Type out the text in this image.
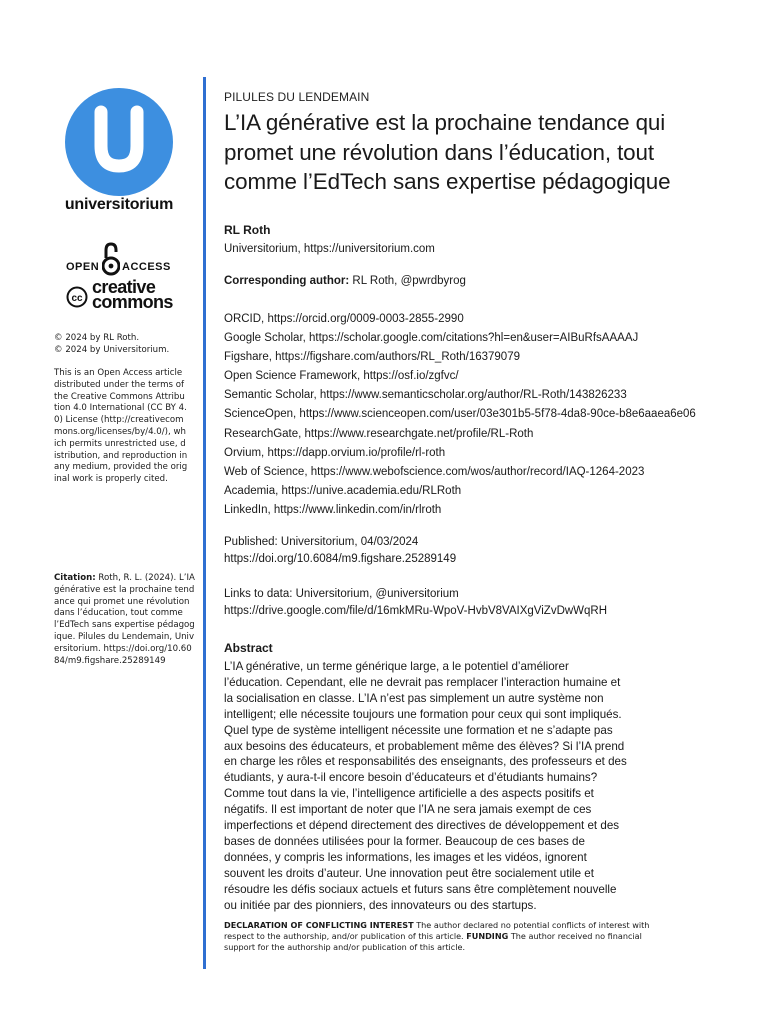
universitorium
OPEN ACCESS
cc
creative
commons
© 2024 by RL Roth.
© 2024 by Universitorium.
This is an Open Access article distributed under the terms of the Creative Commons Attribution 4.0 International (CC BY 4.0) License (http://creativecommons.org/licenses/by/4.0/), which permits unrestricted use, distribution, and reproduction in any medium, provided the original work is properly cited.
Citation: Roth, R. L. (2024). L’IA générative est la prochaine tendance qui promet une révolution dans l’éducation, tout comme l’EdTech sans expertise pédagogique. Pilules du Lendemain, Universitorium. https://doi.org/10.6084/m9.figshare.25289149
PILULES DU LENDEMAIN
L’IA générative est la prochaine tendance qui
promet une révolution dans l’éducation, tout
comme l’EdTech sans expertise pédagogique
RL Roth
Universitorium, https://universitorium.com
Corresponding author: RL Roth, @pwrdbyrog
ORCID, https://orcid.org/0009-0003-2855-2990
Google Scholar, https://scholar.google.com/citations?hl=en&user=AIBuRfsAAAAJ
Figshare, https://figshare.com/authors/RL_Roth/16379079
Open Science Framework, https://osf.io/zgfvc/
Semantic Scholar, https://www.semanticscholar.org/author/RL-Roth/143826233
ScienceOpen, https://www.scienceopen.com/user/03e301b5-5f78-4da8-90ce-b8e6aaea6e06
ResearchGate, https://www.researchgate.net/profile/RL-Roth
Orvium, https://dapp.orvium.io/profile/rl-roth
Web of Science, https://www.webofscience.com/wos/author/record/IAQ-1264-2023
Academia, https://unive.academia.edu/RLRoth
LinkedIn, https://www.linkedin.com/in/rlroth
Published: Universitorium, 04/03/2024
https://doi.org/10.6084/m9.figshare.25289149
Links to data: Universitorium, @universitorium
https://drive.google.com/file/d/16mkMRu-WpoV-HvbV8VAIXgViZvDwWqRH
Abstract
L’IA générative, un terme générique large, a le potentiel d’améliorer
l’éducation. Cependant, elle ne devrait pas remplacer l’interaction humaine et
la socialisation en classe. L’IA n’est pas simplement un autre système non
intelligent; elle nécessite toujours une formation pour ceux qui sont impliqués.
Quel type de système intelligent nécessite une formation et ne s’adapte pas
aux besoins des éducateurs, et probablement même des élèves? Si l’IA prend
en charge les rôles et responsabilités des enseignants, des professeurs et des
étudiants, y aura-t-il encore besoin d’éducateurs et d’étudiants humains?
Comme tout dans la vie, l’intelligence artificielle a des aspects positifs et
négatifs. Il est important de noter que l’IA ne sera jamais exempt de ces
imperfections et dépend directement des directives de développement et des
bases de données utilisées pour la former. Beaucoup de ces bases de
données, y compris les informations, les images et les vidéos, ignorent
souvent les droits d’auteur. Une innovation peut être socialement utile et
résoudre les défis sociaux actuels et futurs sans être complètement nouvelle
ou initiée par des pionniers, des innovateurs ou des startups.
DECLARATION OF CONFLICTING INTEREST The author declared no potential conflicts of interest with respect to the authorship, and/or publication of this article. FUNDING The author received no financial support for the authorship and/or publication of this article.
